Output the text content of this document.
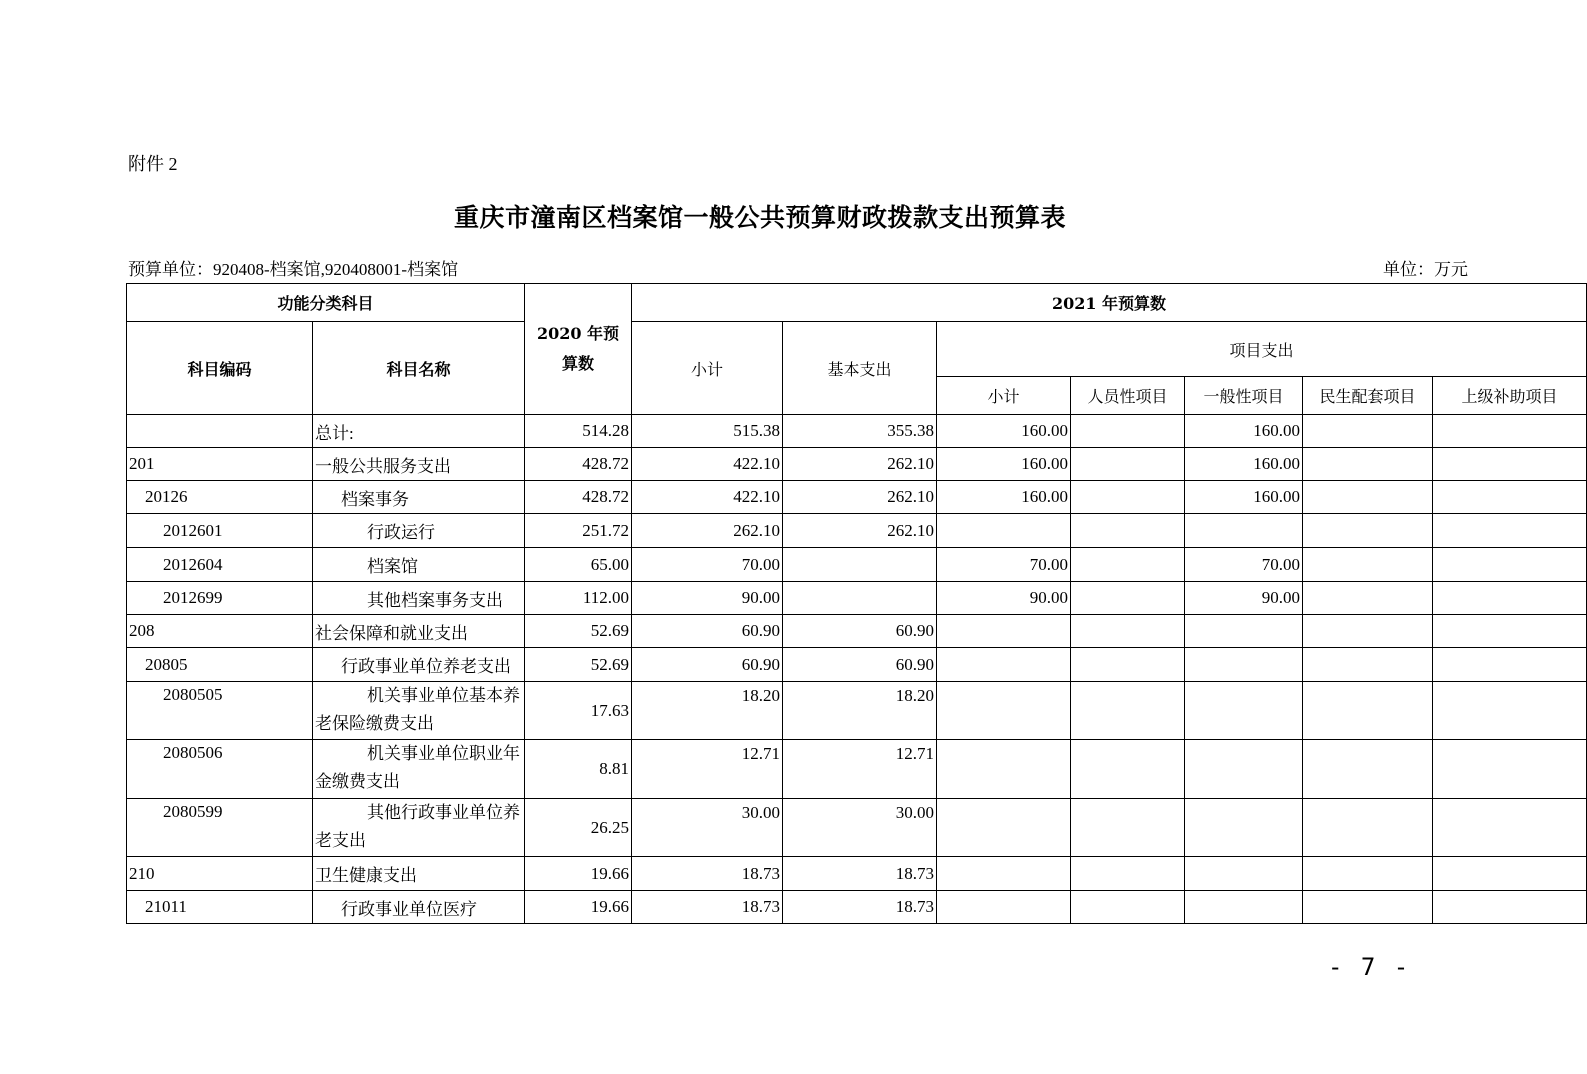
附件 2
重庆市潼南区档案馆一般公共预算财政拨款支出预算表
预算单位：920408-档案馆,920408001-档案馆	单位：万元
功能分类科目		2020 年预算数	2021 年预算数						
科目编码	科目名称		小计	基本支出	项目支出				
					小计	人员性项目	一般性项目	民生配套项目	上级补助项目
	总计:	514.28	515.38	355.38	160.00		160.00		
201	一般公共服务支出	428.72	422.10	262.10	160.00		160.00		
20126	档案事务	428.72	422.10	262.10	160.00		160.00		
2012601	行政运行	251.72	262.10	262.10					
2012604	档案馆	65.00	70.00		70.00		70.00		
2012699	其他档案事务支出	112.00	90.00		90.00		90.00		
208	社会保障和就业支出	52.69	60.90	60.90					
20805	行政事业单位养老支出	52.69	60.90	60.90					
2080505	机关事业单位基本养老保险缴费支出	17.63	18.20	18.20					
2080506	机关事业单位职业年金缴费支出	8.81	12.71	12.71					
2080599	其他行政事业单位养老支出	26.25	30.00	30.00					
210	卫生健康支出	19.66	18.73	18.73					
21011	行政事业单位医疗	19.66	18.73	18.73					
- 7 -
